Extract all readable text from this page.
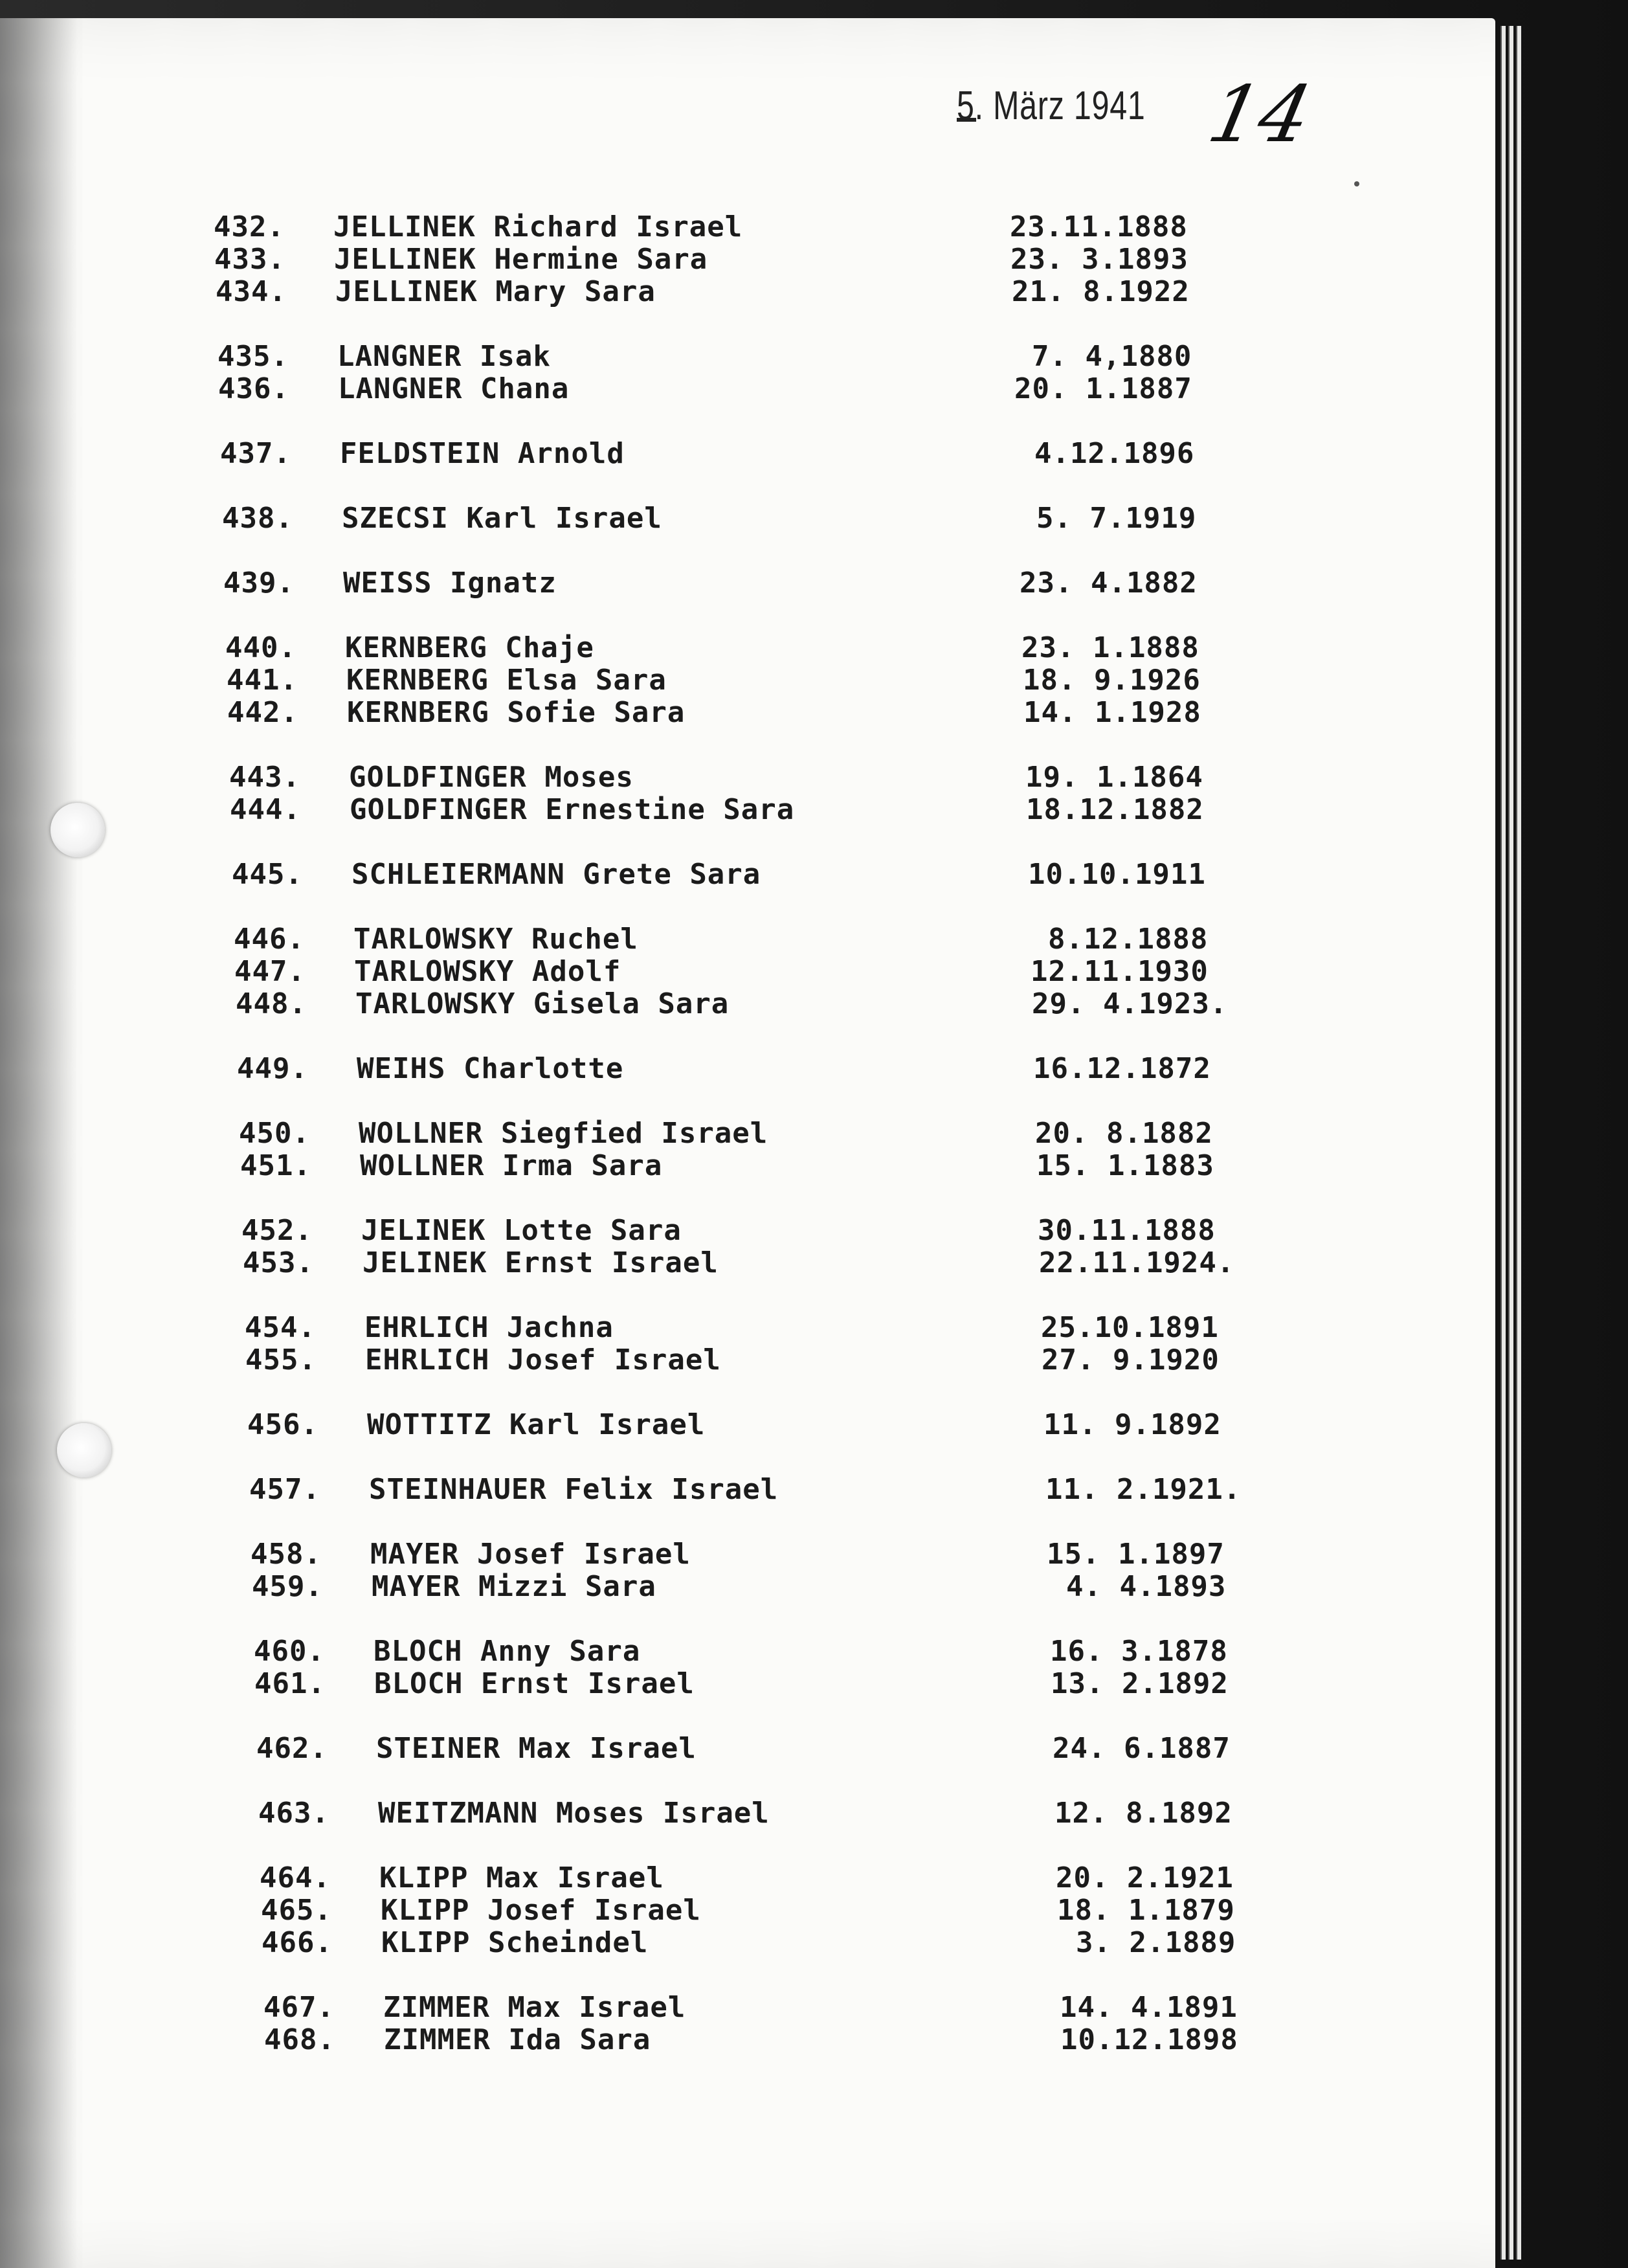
5. März 1941 14
432. JELLINEK Richard Israel	23.11.1888
433. JELLINEK Hermine Sara	23. 3.1893
434. JELLINEK Mary Sara	21. 8.1922
435. LANGNER Isak	7. 4,1880
436. LANGNER Chana	20. 1.1887
437. FELDSTEIN Arnold	4.12.1896
438. SZECSI Karl Israel	5. 7.1919
439. WEISS Ignatz	23. 4.1882
440. KERNBERG Chaje	23. 1.1888
441. KERNBERG Elsa Sara	18. 9.1926
442. KERNBERG Sofie Sara	14. 1.1928
443. GOLDFINGER Moses	19. 1.1864
444. GOLDFINGER Ernestine Sara	18.12.1882
445. SCHLEIERMANN Grete Sara	10.10.1911
446. TARLOWSKY Ruchel	8.12.1888
447. TARLOWSKY Adolf	12.11.1930
448. TARLOWSKY Gisela Sara	29. 4.1923.
449. WEIHS Charlotte	16.12.1872
450. WOLLNER Siegfied Israel	20. 8.1882
451. WOLLNER Irma Sara	15. 1.1883
452. JELINEK Lotte Sara	30.11.1888
453. JELINEK Ernst Israel	22.11.1924.
454. EHRLICH Jachna	25.10.1891
455. EHRLICH Josef Israel	27. 9.1920
456. WOTTITZ Karl Israel	11. 9.1892
457. STEINHAUER Felix Israel	11. 2.1921.
458. MAYER Josef Israel	15. 1.1897
459. MAYER Mizzi Sara	4. 4.1893
460. BLOCH Anny Sara	16. 3.1878
461. BLOCH Ernst Israel	13. 2.1892
462. STEINER Max Israel	24. 6.1887
463. WEITZMANN Moses Israel	12. 8.1892
464. KLIPP Max Israel	20. 2.1921
465. KLIPP Josef Israel	18. 1.1879
466. KLIPP Scheindel	3. 2.1889
467. ZIMMER Max Israel	14. 4.1891
468. ZIMMER Ida Sara	10.12.1898
